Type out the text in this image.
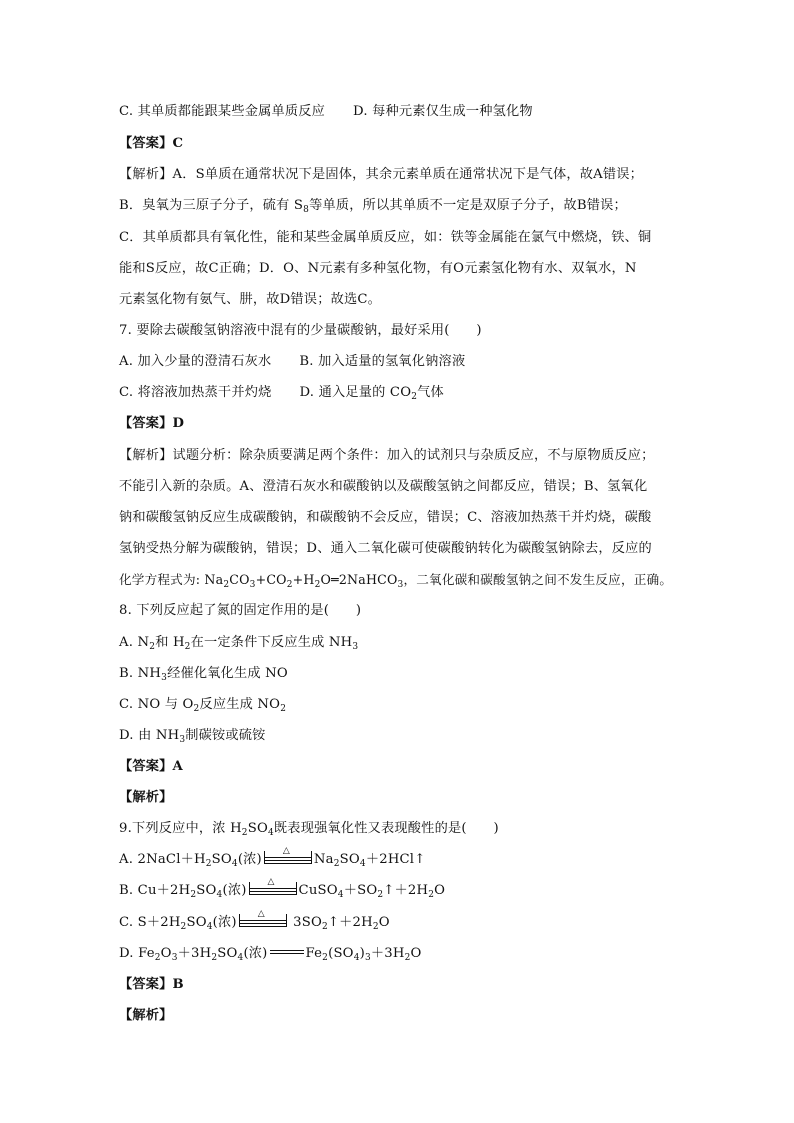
C. 其单质都能跟某些金属单质反应 D. 每种元素仅生成一种氢化物
【答案】C
【解析】A．S单质在通常状况下是固体，其余元素单质在通常状况下是气体，故A错误；
B．臭氧为三原子分子，硫有 $S_8$等单质，所以其单质不一定是双原子分子，故B错误；
C．其单质都具有氧化性，能和某些金属单质反应，如：铁等金属能在氯气中燃烧，铁、铜
能和S反应，故C正确；D．O、N元素有多种氢化物，有O元素氢化物有水、双氧水，N
元素氢化物有氨气、肼，故D错误；故选C。
7. 要除去碳酸氢钠溶液中混有的少量碳酸钠，最好采用(　　)
A. 加入少量的澄清石灰水 B. 加入适量的氢氧化钠溶液
C. 将溶液加热蒸干并灼烧 D. 通入足量的 $CO_2$气体
【答案】D
【解析】试题分析：除杂质要满足两个条件：加入的试剂只与杂质反应，不与原物质反应；
不能引入新的杂质。A、澄清石灰水和碳酸钠以及碳酸氢钠之间都反应，错误；B、氢氧化
钠和碳酸氢钠反应生成碳酸钠，和碳酸钠不会反应，错误；C、溶液加热蒸干并灼烧，碳酸
氢钠受热分解为碳酸钠，错误；D、通入二氧化碳可使碳酸钠转化为碳酸氢钠除去，反应的
化学方程式为: $Na_2CO_3+CO_2+H_2O═2NaHCO_3$，二氧化碳和碳酸氢钠之间不发生反应，正确。
8. 下列反应起了氮的固定作用的是(　　)
A. $N_2$和 $H_2$在一定条件下反应生成 $NH_3$
B. $NH_3$经催化氧化生成 NO
C. NO 与 $O_2$反应生成 $NO_2$
D. 由 $NH_3$制碳铵或硫铵
【答案】A
【解析】
9.下列反应中，浓 $H_2SO_4$既表现强氧化性又表现酸性的是(　　)
A. $2NaCl+H_2SO_4$(浓)
△
$Na_2SO_4+2HCl↑$
B. $Cu+2H_2SO_4$(浓)
△
$CuSO_4+SO_2↑+2H_2O$
C. $S+2H_2SO_4$(浓)
△
$3SO_2↑+2H_2O$
D. $Fe_2O_3+3H_2SO_4$(浓)	$Fe_2(SO_4)_3+3H_2O$
【答案】B
【解析】
